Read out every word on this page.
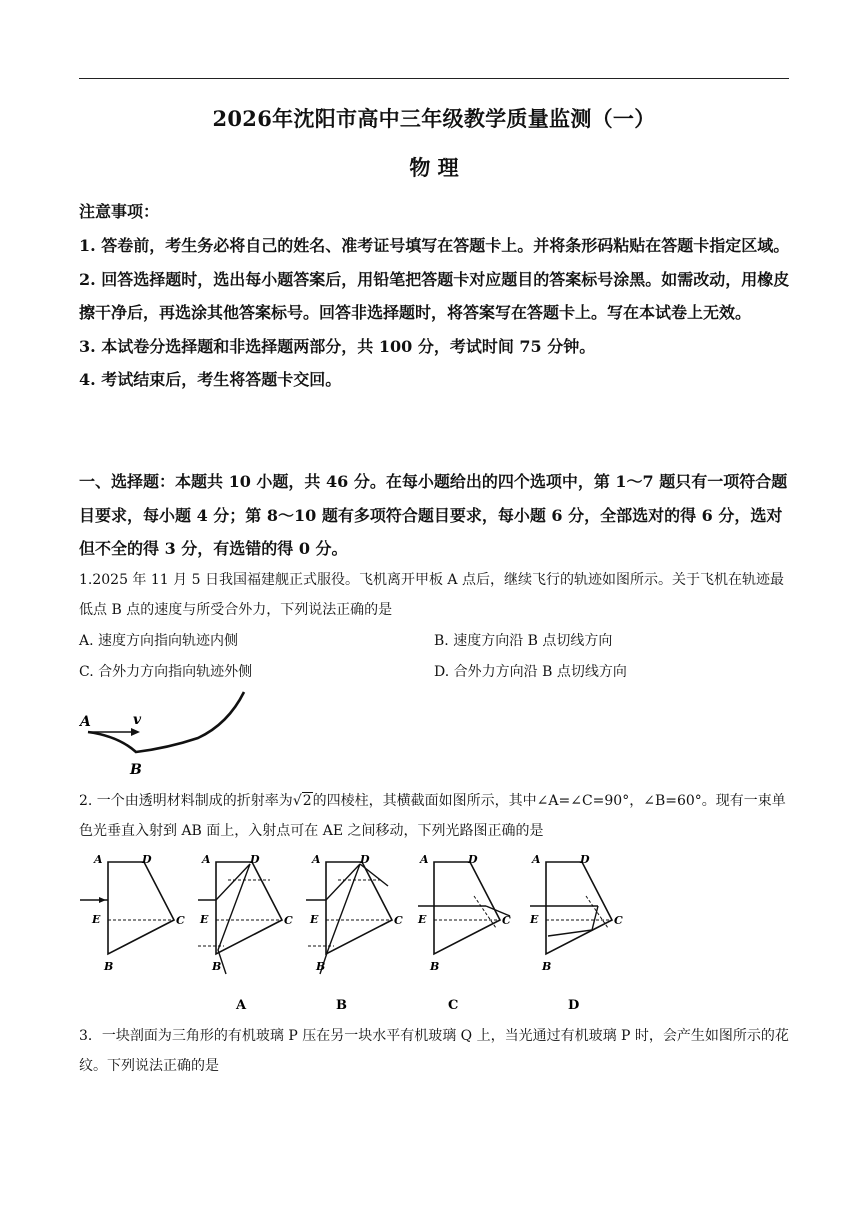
2026年沈阳市高中三年级教学质量监测（一）
物 理
注意事项：

1. 答卷前，考生务必将自己的姓名、准考证号填写在答题卡上。并将条形码粘贴在答题卡指定区域。

2. 回答选择题时，选出每小题答案后，用铅笔把答题卡对应题目的答案标号涂黑。如需改动，用橡皮擦干净后，再选涂其他答案标号。回答非选择题时，将答案写在答题卡上。写在本试卷上无效。

3. 本试卷分选择题和非选择题两部分，共 100 分，考试时间 75 分钟。

4. 考试结束后，考生将答题卡交回。

一、选择题：本题共 10 小题，共 46 分。在每小题给出的四个选项中，第 1～7 题只有一项符合题目要求，每小题 4 分；第 8～10 题有多项符合题目要求，每小题 6 分，全部选对的得 6 分，选对但不全的得 3 分，有选错的得 0 分。

1.2025 年 11 月 5 日我国福建舰正式服役。飞机离开甲板 A 点后，继续飞行的轨迹如图所示。关于飞机在轨迹最低点 B 点的速度与所受合外力，下列说法正确的是

A. 速度方向指向轨迹内侧	B. 速度方向沿 B 点切线方向
C. 合外力方向指向轨迹外侧	D. 合外力方向沿 B 点切线方向
A	v
B

2. 一个由透明材料制成的折射率为√2的四棱柱，其横截面如图所示，其中∠A=∠C=90°，∠B=60°。现有一束单色光垂直入射到 AB 面上，入射点可在 AE 之间移动，下列光路图正确的是

A	D
E	C
B
A	D
E	C
B
A
A	D
E	C
B
B
A	D
E	C
B
C
A	D
E	C
B
D

3．一块剖面为三角形的有机玻璃 P 压在另一块水平有机玻璃 Q 上，当光通过有机玻璃 P 时，会产生如图所示的花纹。下列说法正确的是
